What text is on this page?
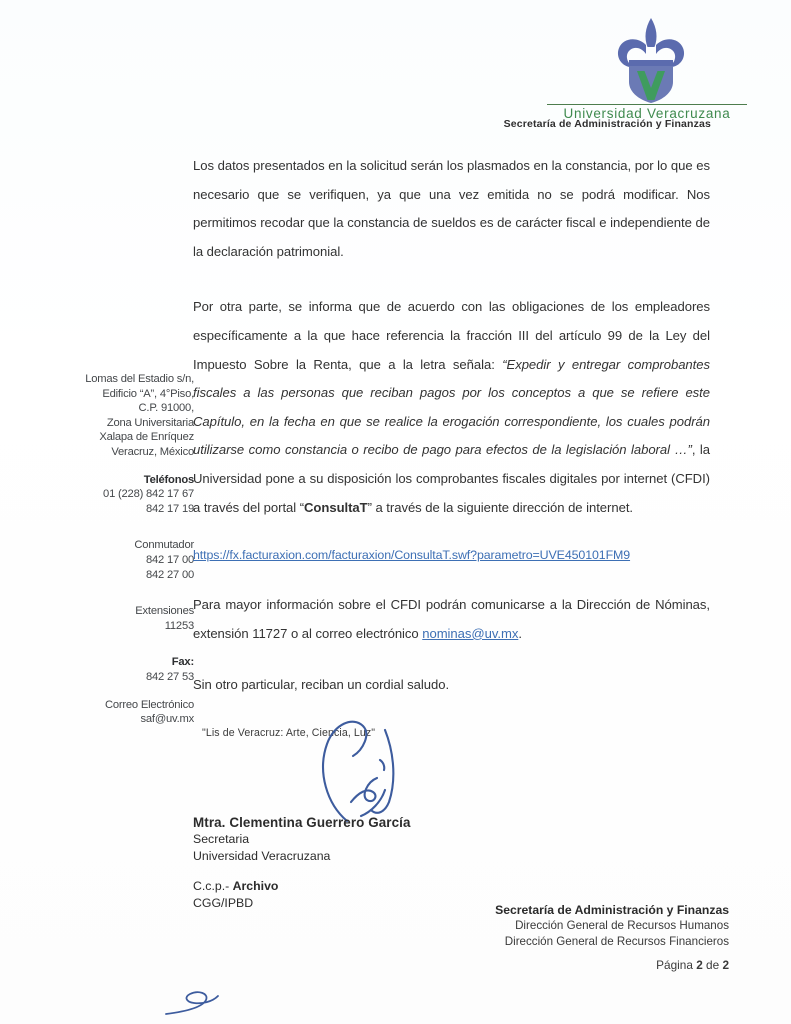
Universidad Veracruzana
Secretaría de Administración y Finanzas
Lomas del Estadio s/n,
Edificio “A”, 4°Piso,
C.P. 91000,
Zona Universitaria
Xalapa de Enríquez
Veracruz, México
Teléfonos
01 (228) 842 17 67
842 17 19
Conmutador
842 17 00
842 27 00
Extensiones
11253
Fax:
842 27 53
Correo Electrónico
saf@uv.mx

Los datos presentados en la solicitud serán los plasmados en la constancia, por lo que es necesario que se verifiquen, ya que una vez emitida no se podrá modificar. Nos permitimos recodar que la constancia de sueldos es de carácter fiscal e independiente de la declaración patrimonial.

Por otra parte, se informa que de acuerdo con las obligaciones de los empleadores específicamente a la que hace referencia la fracción III del artículo 99 de la Ley del Impuesto Sobre la Renta, que a la letra señala: “Expedir y entregar comprobantes fiscales a las personas que reciban pagos por los conceptos a que se refiere este Capítulo, en la fecha en que se realice la erogación correspondiente, los cuales podrán utilizarse como constancia o recibo de pago para efectos de la legislación laboral …”, la Universidad pone a su disposición los comprobantes fiscales digitales por internet (CFDI) a través del portal “ConsultaT” a través de la siguiente dirección de internet.

https://fx.facturaxion.com/facturaxion/ConsultaT.swf?parametro=UVE450101FM9

Para mayor información sobre el CFDI podrán comunicarse a la Dirección de Nóminas, extensión 11727 o al correo electrónico nominas@uv.mx.

Sin otro particular, reciban un cordial saludo.

"Lis de Veracruz: Arte, Ciencia, Luz"
Mtra. Clementina Guerrero García
Secretaria
Universidad Veracruzana
C.c.p.- Archivo
CGG/IPBD
Secretaría de Administración y Finanzas
Dirección General de Recursos Humanos
Dirección General de Recursos Financieros
Página 2 de 2
